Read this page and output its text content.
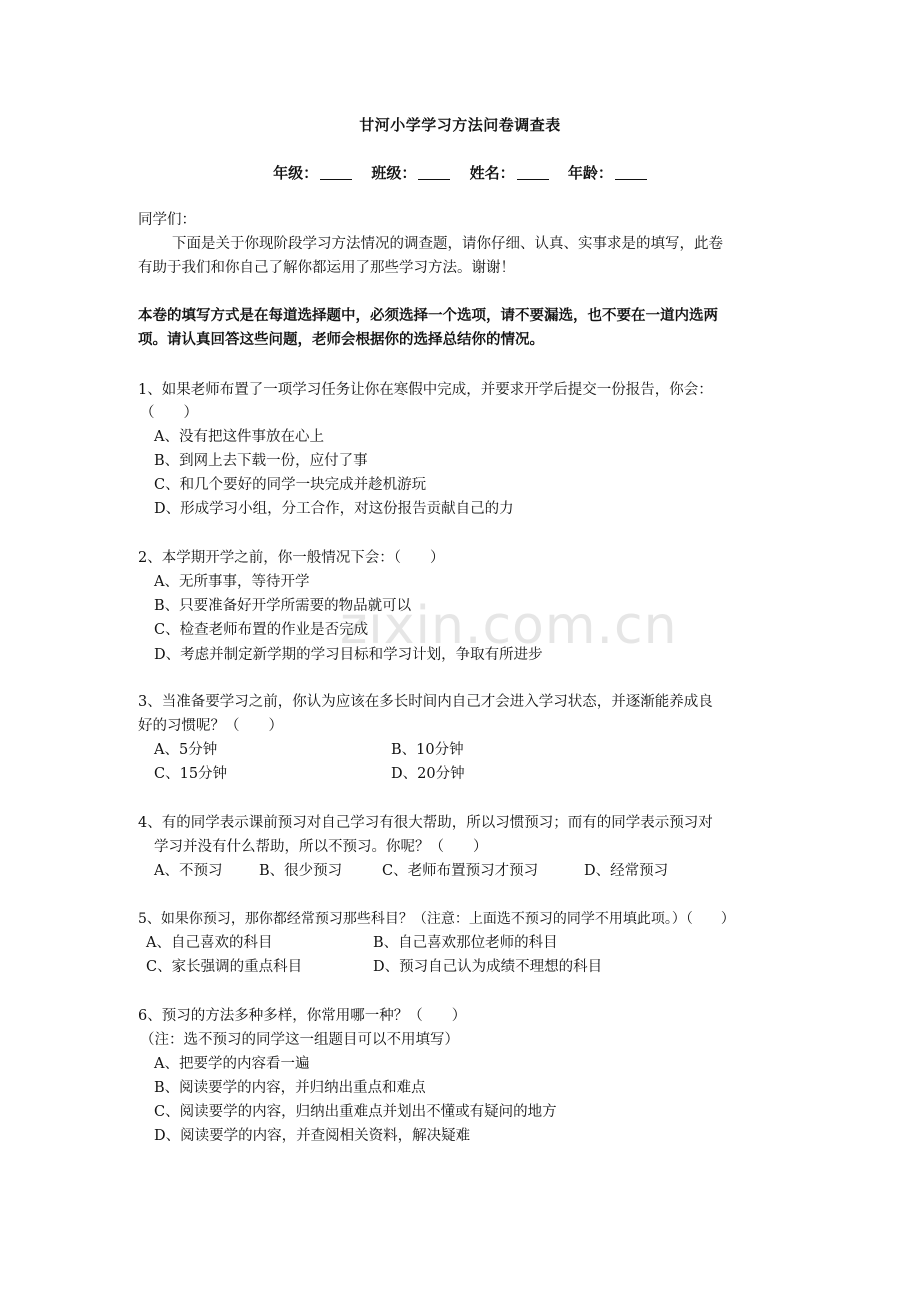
zixin.com.cn
甘河小学学习方法问卷调查表
年级：	班级：	姓名：	年龄：
同学们：
下面是关于你现阶段学习方法情况的调查题，请你仔细、认真、实事求是的填写，此卷
有助于我们和你自己了解你都运用了那些学习方法。谢谢！
本卷的填写方式是在每道选择题中，必须选择一个选项，请不要漏选，也不要在一道内选两
项。请认真回答这些问题，老师会根据你的选择总结你的情况。
1、如果老师布置了一项学习任务让你在寒假中完成，并要求开学后提交一份报告，你会：
（　　）
A、没有把这件事放在心上
B、到网上去下载一份，应付了事
C、和几个要好的同学一块完成并趁机游玩
D、形成学习小组，分工合作，对这份报告贡献自己的力
2、本学期开学之前，你一般情况下会：（　　）
A、无所事事，等待开学
B、只要准备好开学所需要的物品就可以
C、检查老师布置的作业是否完成
D、考虑并制定新学期的学习目标和学习计划，争取有所进步
3、当准备要学习之前，你认为应该在多长时间内自己才会进入学习状态，并逐渐能养成良
好的习惯呢？（　　）
A、5分钟	B、10分钟
C、15分钟	D、20分钟
4、有的同学表示课前预习对自己学习有很大帮助，所以习惯预习；而有的同学表示预习对
学习并没有什么帮助，所以不预习。你呢？（　　）
A、不预习	B、很少预习	C、老师布置预习才预习	D、经常预习
5、如果你预习，那你都经常预习那些科目？（注意：上面选不预习的同学不用填此项。）（　　）
A、自己喜欢的科目	B、自己喜欢那位老师的科目
C、家长强调的重点科目	D、预习自己认为成绩不理想的科目
6、预习的方法多种多样，你常用哪一种？（　　）
（注：选不预习的同学这一组题目可以不用填写）
A、把要学的内容看一遍
B、阅读要学的内容，并归纳出重点和难点
C、阅读要学的内容，归纳出重难点并划出不懂或有疑问的地方
D、阅读要学的内容，并查阅相关资料，解决疑难
